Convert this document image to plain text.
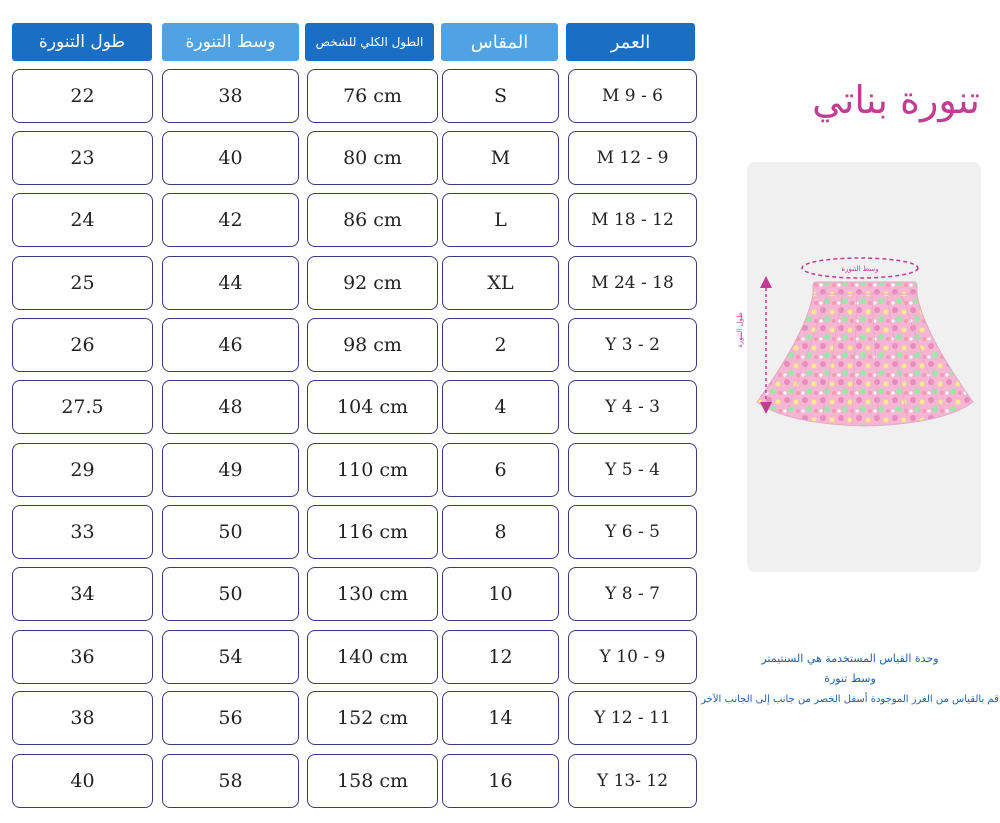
طول التنورة	وسط التنورة	الطول الكلي للشخص	المقاس	العمر
22	38	76 cm	S	M 9 - 6
23	40	80 cm	M	M 12 - 9
24	42	86 cm	L	M 18 - 12
25	44	92 cm	XL	M 24 - 18
26	46	98 cm	2	Y 3 - 2
27.5	48	104 cm	4	Y 4 - 3
29	49	110 cm	6	Y 5 - 4
33	50	116 cm	8	Y 6 - 5
34	50	130 cm	10	Y 8 - 7
36	54	140 cm	12	Y 10 - 9
38	56	152 cm	14	Y 12 - 11
40	58	158 cm	16	Y 13- 12
تنورة بناتي
وسط التنورة
طول التنورة
وحدة القياس المستخدمة هي السنتيمتر
وسط تنورة
قم بالقياس من الغرز الموجودة أسفل الخصر من جانب إلى الجانب الآخر
